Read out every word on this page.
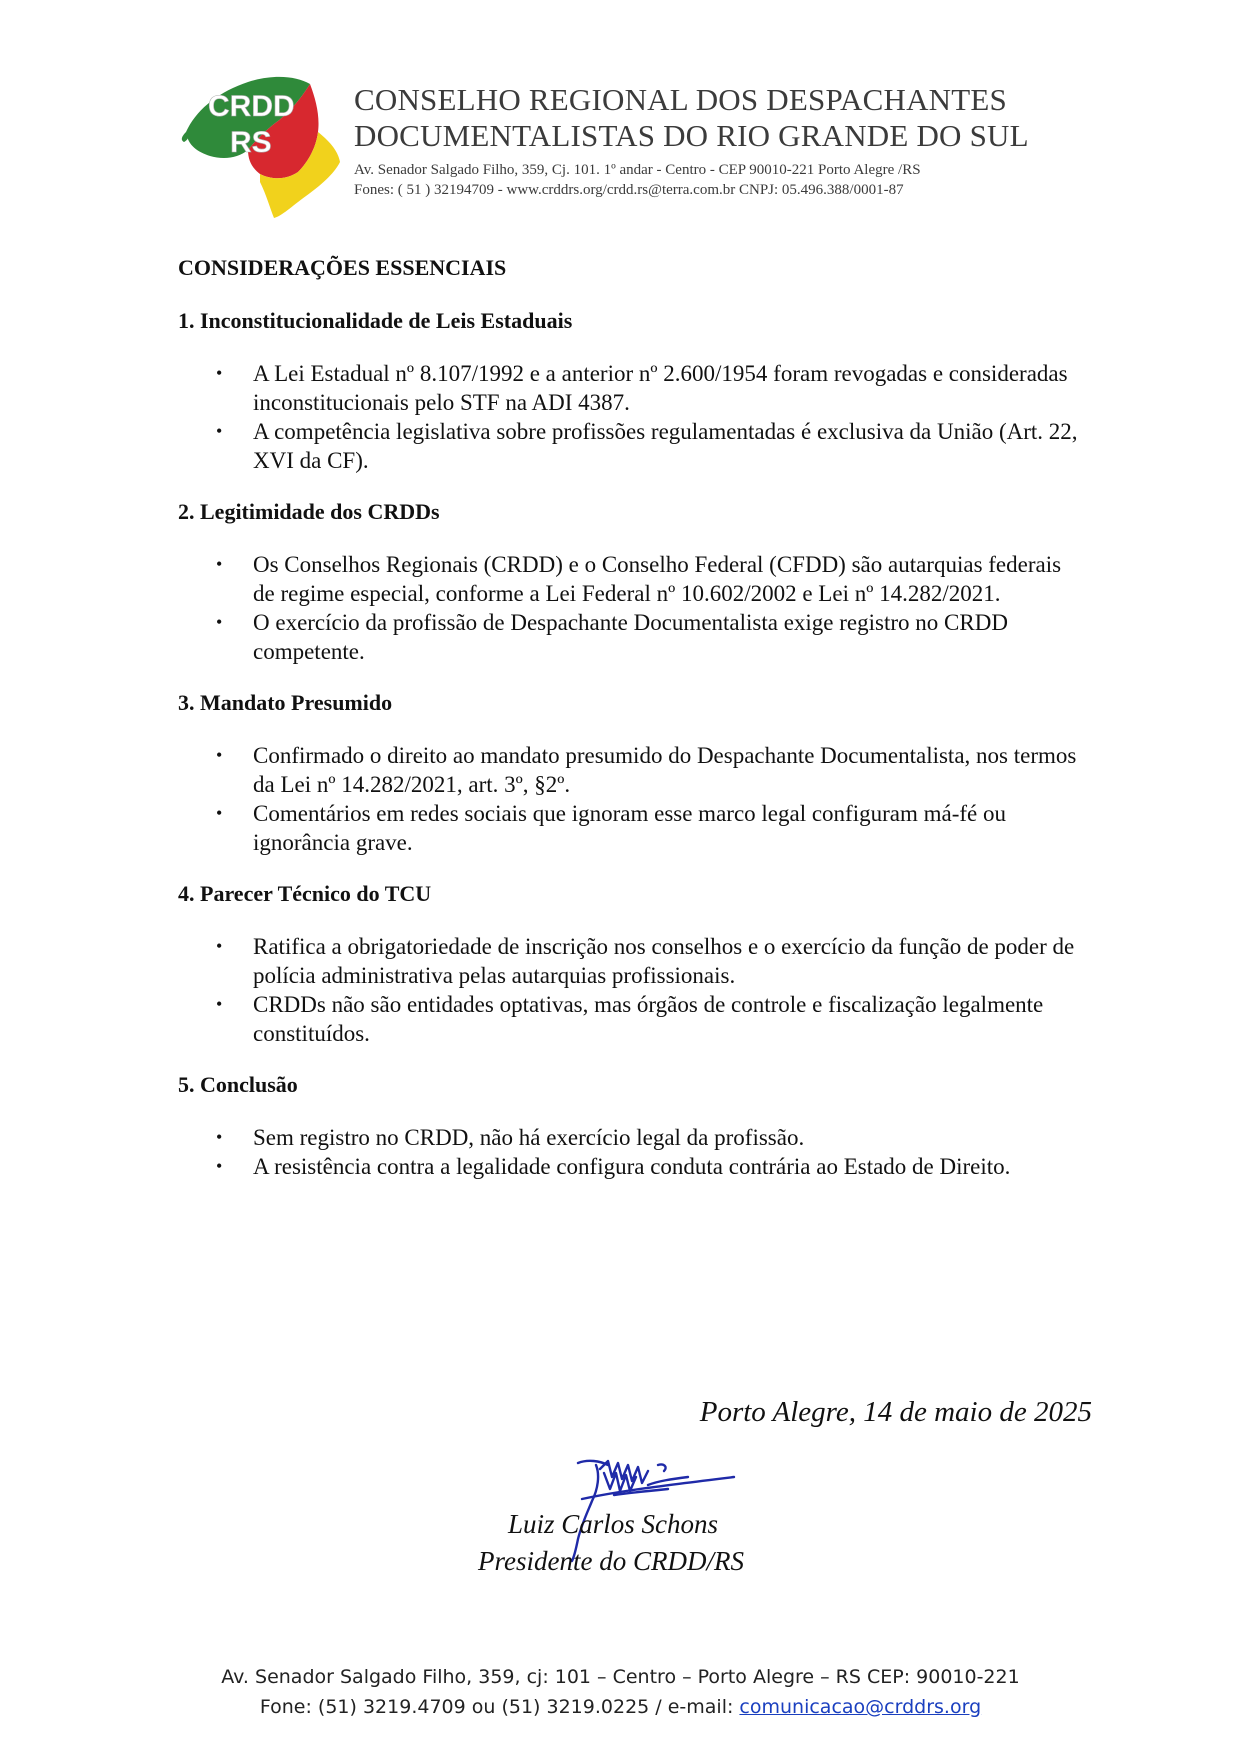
CRDD
RS
CONSELHO REGIONAL DOS DESPACHANTES
DOCUMENTALISTAS DO RIO GRANDE DO SUL
Av. Senador Salgado Filho, 359, Cj. 101. 1º andar - Centro - CEP 90010-221 Porto Alegre /RS
Fones: ( 51 ) 32194709 - www.crddrs.org/crdd.rs@terra.com.br CNPJ: 05.496.388/0001-87
CONSIDERAÇÕES ESSENCIAIS
1. Inconstitucionalidade de Leis Estaduais
• A Lei Estadual nº 8.107/1992 e a anterior nº 2.600/1954 foram revogadas e consideradas inconstitucionais pelo STF na ADI 4387.
• A competência legislativa sobre profissões regulamentadas é exclusiva da União (Art. 22, XVI da CF).
2. Legitimidade dos CRDDs
• Os Conselhos Regionais (CRDD) e o Conselho Federal (CFDD) são autarquias federais de regime especial, conforme a Lei Federal nº 10.602/2002 e Lei nº 14.282/2021.
• O exercício da profissão de Despachante Documentalista exige registro no CRDD competente.
3. Mandato Presumido
• Confirmado o direito ao mandato presumido do Despachante Documentalista, nos termos da Lei nº 14.282/2021, art. 3º, §2º.
• Comentários em redes sociais que ignoram esse marco legal configuram má-fé ou ignorância grave.
4. Parecer Técnico do TCU
• Ratifica a obrigatoriedade de inscrição nos conselhos e o exercício da função de poder de polícia administrativa pelas autarquias profissionais.
• CRDDs não são entidades optativas, mas órgãos de controle e fiscalização legalmente constituídos.
5. Conclusão
• Sem registro no CRDD, não há exercício legal da profissão.
• A resistência contra a legalidade configura conduta contrária ao Estado de Direito.
Porto Alegre, 14 de maio de 2025
Luiz Carlos Schons
Presidente do CRDD/RS
Av. Senador Salgado Filho, 359, cj: 101 – Centro – Porto Alegre – RS CEP: 90010-221
Fone: (51) 3219.4709 ou (51) 3219.0225 / e-mail: comunicacao@crddrs.org
